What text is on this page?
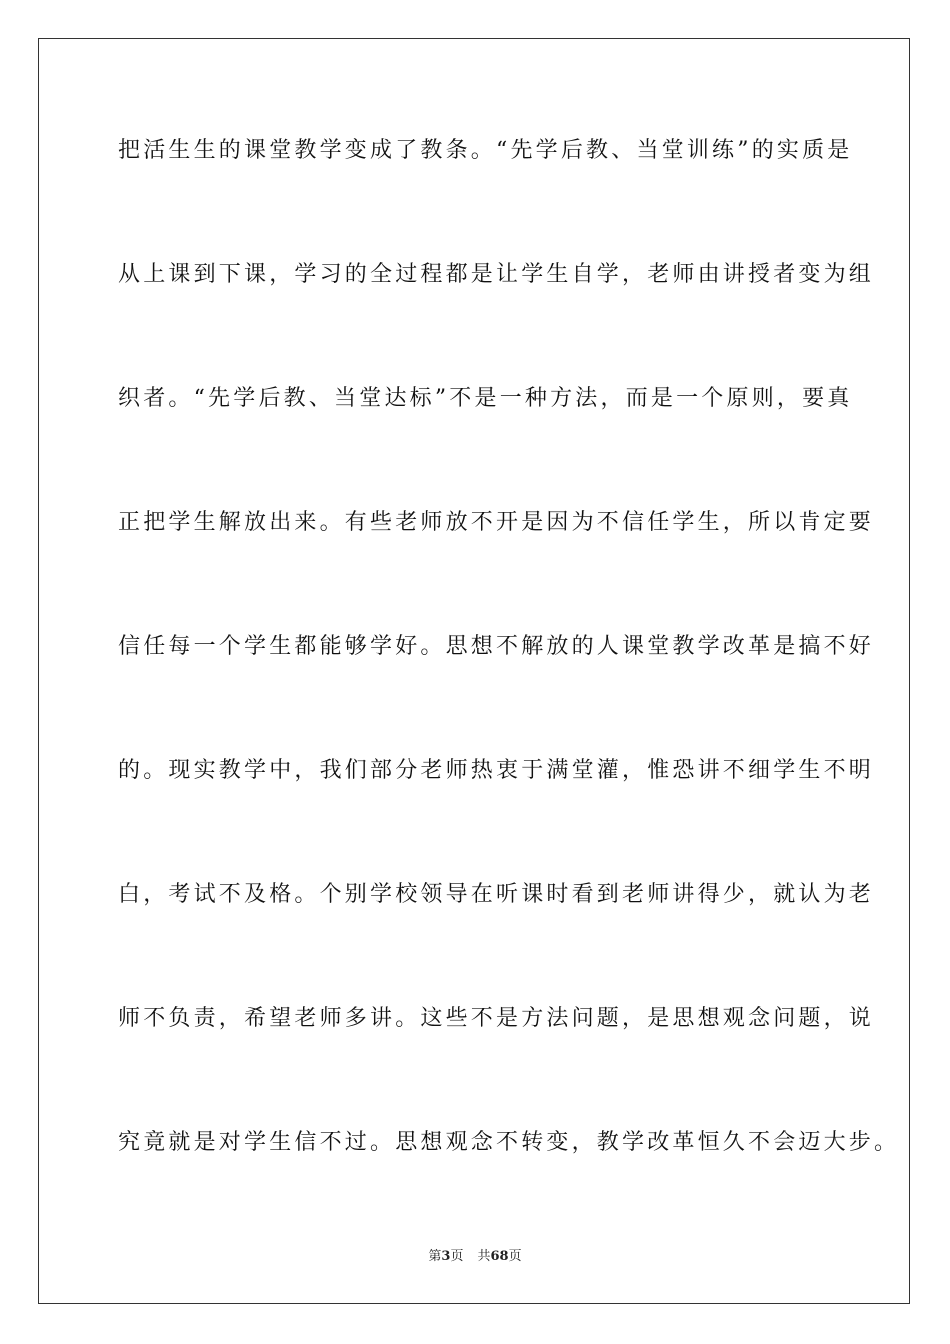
把活生生的课堂教学变成了教条。“先学后教、当堂训练”的实质是
从上课到下课，学习的全过程都是让学生自学，老师由讲授者变为组
织者。“先学后教、当堂达标”不是一种方法，而是一个原则，要真
正把学生解放出来。有些老师放不开是因为不信任学生，所以肯定要
信任每一个学生都能够学好。思想不解放的人课堂教学改革是搞不好
的。现实教学中，我们部分老师热衷于满堂灌，惟恐讲不细学生不明
白，考试不及格。个别学校领导在听课时看到老师讲得少，就认为老
师不负责，希望老师多讲。这些不是方法问题，是思想观念问题，说
究竟就是对学生信不过。思想观念不转变，教学改革恒久不会迈大步。
第3页 共68页
